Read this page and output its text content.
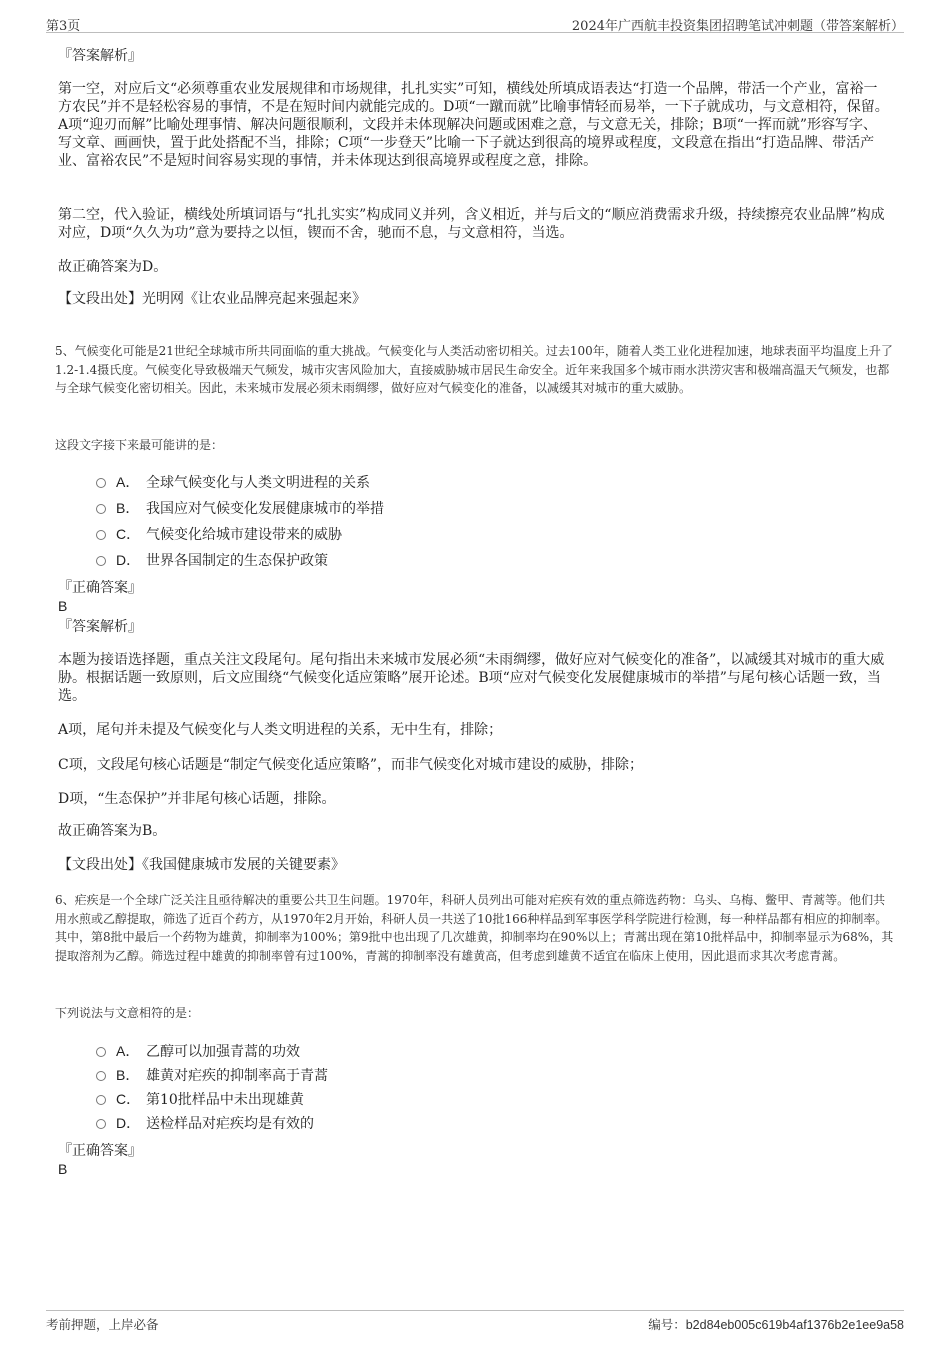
第3页	2024年广西航丰投资集团招聘笔试冲刺题（带答案解析）
『答案解析』
第一空，对应后文“必须尊重农业发展规律和市场规律，扎扎实实”可知，横线处所填成语表达“打造一个品牌，带活一个产业，富裕一方农民”并不是轻松容易的事情，不是在短时间内就能完成的。D项“一蹴而就”比喻事情轻而易举，一下子就成功，与文意相符，保留。A项“迎刃而解”比喻处理事情、解决问题很顺利，文段并未体现解决问题或困难之意，与文意无关，排除；B项“一挥而就”形容写字、写文章、画画快，置于此处搭配不当，排除；C项“一步登天”比喻一下子就达到很高的境界或程度，文段意在指出“打造品牌、带活产业、富裕农民”不是短时间容易实现的事情，并未体现达到很高境界或程度之意，排除。
第二空，代入验证，横线处所填词语与“扎扎实实”构成同义并列，含义相近，并与后文的“顺应消费需求升级，持续擦亮农业品牌”构成对应，D项“久久为功”意为要持之以恒，锲而不舍，驰而不息，与文意相符，当选。
故正确答案为D。
【文段出处】光明网《让农业品牌亮起来强起来》
5、气候变化可能是21世纪全球城市所共同面临的重大挑战。气候变化与人类活动密切相关。过去100年，随着人类工业化进程加速，地球表面平均温度上升了1.2-1.4摄氏度。气候变化导致极端天气频发，城市灾害风险加大，直接威胁城市居民生命安全。近年来我国多个城市雨水洪涝灾害和极端高温天气频发，也都与全球气候变化密切相关。因此，未来城市发展必须未雨绸缪，做好应对气候变化的准备，以减缓其对城市的重大威胁。
这段文字接下来最可能讲的是：
A． 全球气候变化与人类文明进程的关系
B． 我国应对气候变化发展健康城市的举措
C． 气候变化给城市建设带来的威胁
D． 世界各国制定的生态保护政策
『正确答案』
B
『答案解析』
本题为接语选择题，重点关注文段尾句。尾句指出未来城市发展必须“未雨绸缪，做好应对气候变化的准备”，以减缓其对城市的重大威胁。根据话题一致原则，后文应围绕“气候变化适应策略”展开论述。B项“应对气候变化发展健康城市的举措”与尾句核心话题一致，当选。
A项，尾句并未提及气候变化与人类文明进程的关系，无中生有，排除；
C项，文段尾句核心话题是“制定气候变化适应策略”，而非气候变化对城市建设的威胁，排除；
D项，“生态保护”并非尾句核心话题，排除。
故正确答案为B。
【文段出处】《我国健康城市发展的关键要素》
6、疟疾是一个全球广泛关注且亟待解决的重要公共卫生问题。1970年，科研人员列出可能对疟疾有效的重点筛选药物：乌头、乌梅、鳖甲、青蒿等。他们共用水煎或乙醇提取，筛选了近百个药方，从1970年2月开始，科研人员一共送了10批166种样品到军事医学科学院进行检测，每一种样品都有相应的抑制率。其中，第8批中最后一个药物为雄黄，抑制率为100%；第9批中也出现了几次雄黄，抑制率均在90%以上；青蒿出现在第10批样品中，抑制率显示为68%，其提取溶剂为乙醇。筛选过程中雄黄的抑制率曾有过100%，青蒿的抑制率没有雄黄高，但考虑到雄黄不适宜在临床上使用，因此退而求其次考虑青蒿。
下列说法与文意相符的是：
A． 乙醇可以加强青蒿的功效
B． 雄黄对疟疾的抑制率高于青蒿
C． 第10批样品中未出现雄黄
D． 送检样品对疟疾均是有效的
『正确答案』
B
考前押题，上岸必备	编号：b2d84eb005c619b4af1376b2e1ee9a58
